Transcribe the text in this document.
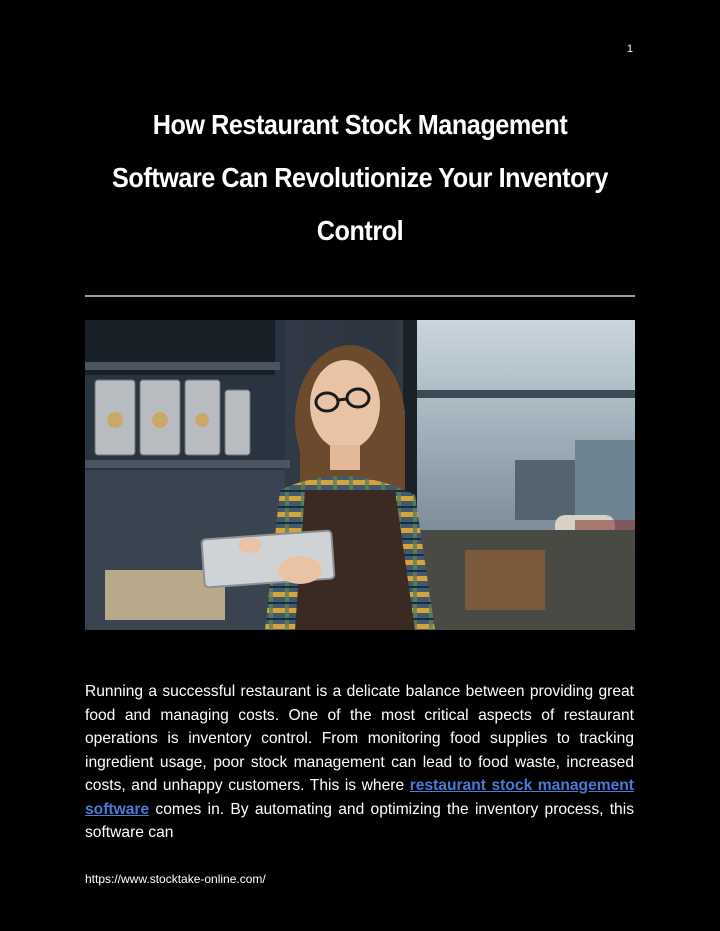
1
How Restaurant Stock Management Software Can Revolutionize Your Inventory Control

Running a successful restaurant is a delicate balance between providing great food and managing costs. One of the most critical aspects of restaurant operations is inventory control. From monitoring food supplies to tracking ingredient usage, poor stock management can lead to food waste, increased costs, and unhappy customers. This is where restaurant stock management software comes in. By automating and optimizing the inventory process, this software can

https://www.stocktake-online.com/
